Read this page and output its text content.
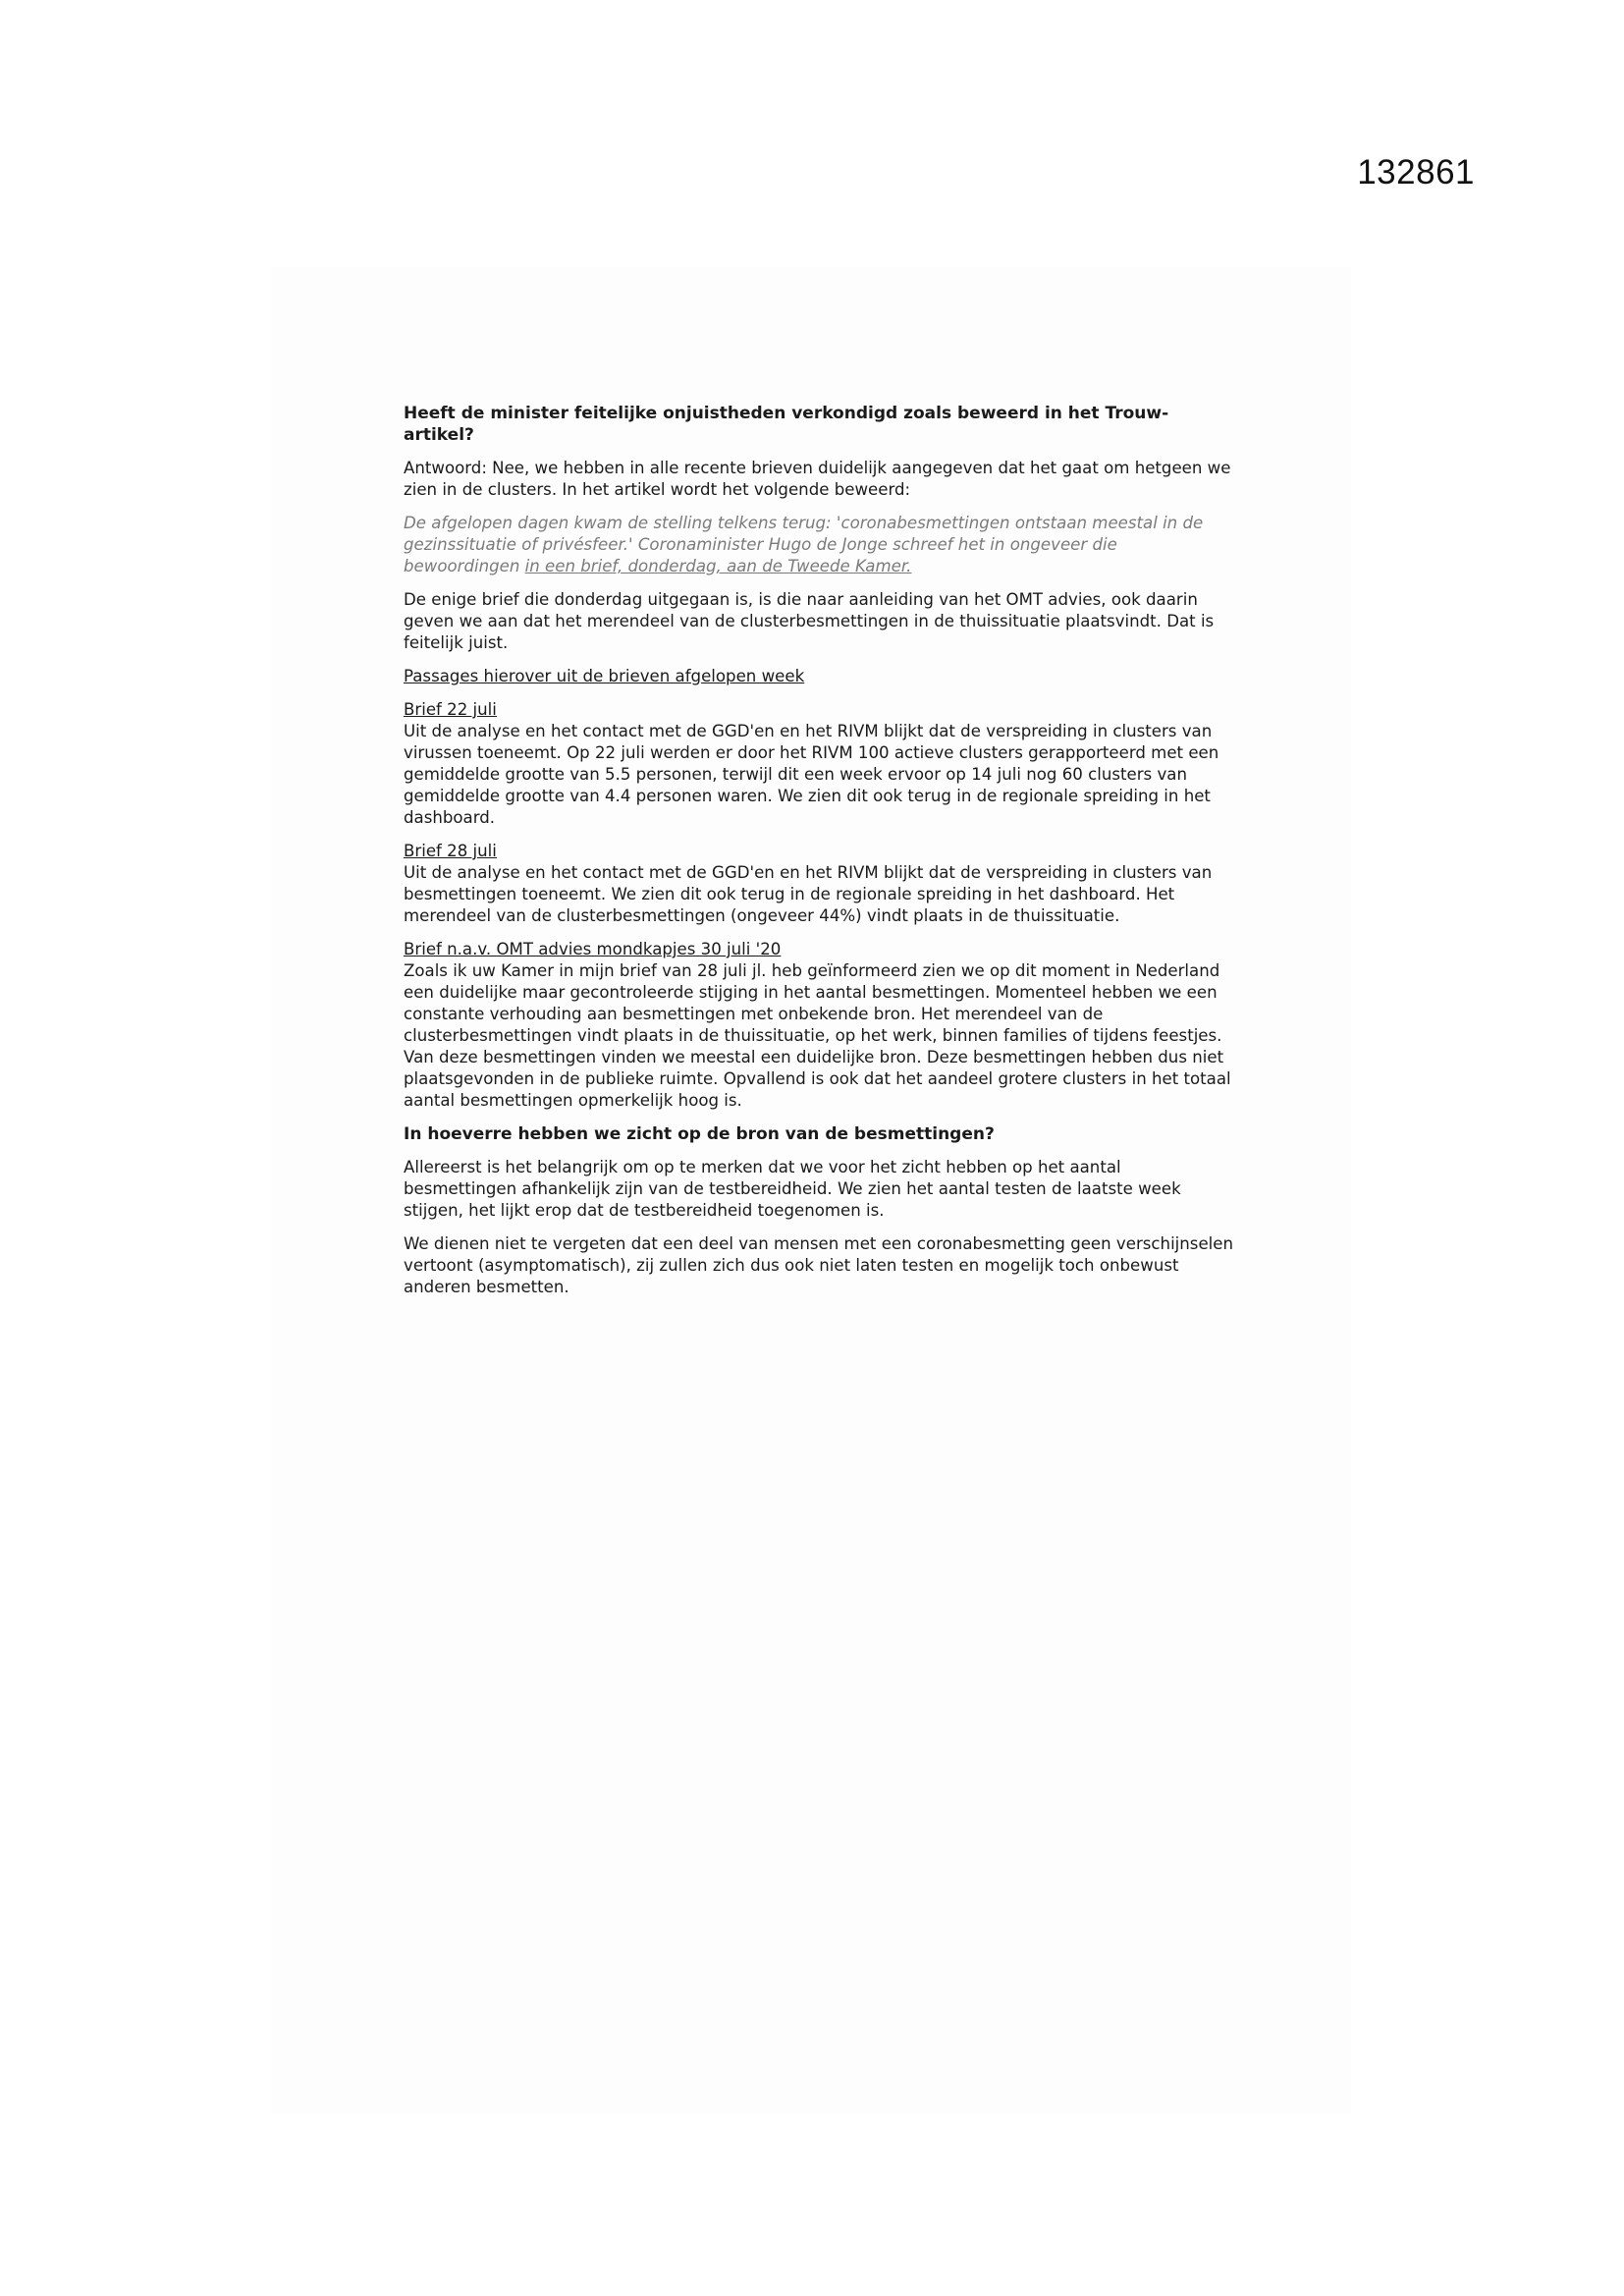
132861

Heeft de minister feitelijke onjuistheden verkondigd zoals beweerd in het Trouw-artikel?

Antwoord: Nee, we hebben in alle recente brieven duidelijk aangegeven dat het gaat om hetgeen we zien in de clusters. In het artikel wordt het volgende beweerd:

De afgelopen dagen kwam de stelling telkens terug: 'coronabesmettingen ontstaan meestal in de gezinssituatie of privésfeer.' Coronaminister Hugo de Jonge schreef het in ongeveer die bewoordingen in een brief, donderdag, aan de Tweede Kamer.

De enige brief die donderdag uitgegaan is, is die naar aanleiding van het OMT advies, ook daarin geven we aan dat het merendeel van de clusterbesmettingen in de thuissituatie plaatsvindt. Dat is feitelijk juist.

Passages hierover uit de brieven afgelopen week

Brief 22 juli
Uit de analyse en het contact met de GGD'en en het RIVM blijkt dat de verspreiding in clusters van virussen toeneemt. Op 22 juli werden er door het RIVM 100 actieve clusters gerapporteerd met een gemiddelde grootte van 5.5 personen, terwijl dit een week ervoor op 14 juli nog 60 clusters van gemiddelde grootte van 4.4 personen waren. We zien dit ook terug in de regionale spreiding in het dashboard.
Brief 28 juli
Uit de analyse en het contact met de GGD'en en het RIVM blijkt dat de verspreiding in clusters van besmettingen toeneemt. We zien dit ook terug in de regionale spreiding in het dashboard. Het merendeel van de clusterbesmettingen (ongeveer 44%) vindt plaats in de thuissituatie.
Brief n.a.v. OMT advies mondkapjes 30 juli '20
Zoals ik uw Kamer in mijn brief van 28 juli jl. heb geïnformeerd zien we op dit moment in Nederland een duidelijke maar gecontroleerde stijging in het aantal besmettingen. Momenteel hebben we een constante verhouding aan besmettingen met onbekende bron. Het merendeel van de clusterbesmettingen vindt plaats in de thuissituatie, op het werk, binnen families of tijdens feestjes. Van deze besmettingen vinden we meestal een duidelijke bron. Deze besmettingen hebben dus niet plaatsgevonden in de publieke ruimte. Opvallend is ook dat het aandeel grotere clusters in het totaal aantal besmettingen opmerkelijk hoog is.

In hoeverre hebben we zicht op de bron van de besmettingen?

Allereerst is het belangrijk om op te merken dat we voor het zicht hebben op het aantal besmettingen afhankelijk zijn van de testbereidheid. We zien het aantal testen de laatste week stijgen, het lijkt erop dat de testbereidheid toegenomen is.

We dienen niet te vergeten dat een deel van mensen met een coronabesmetting geen verschijnselen vertoont (asymptomatisch), zij zullen zich dus ook niet laten testen en mogelijk toch onbewust anderen besmetten.
